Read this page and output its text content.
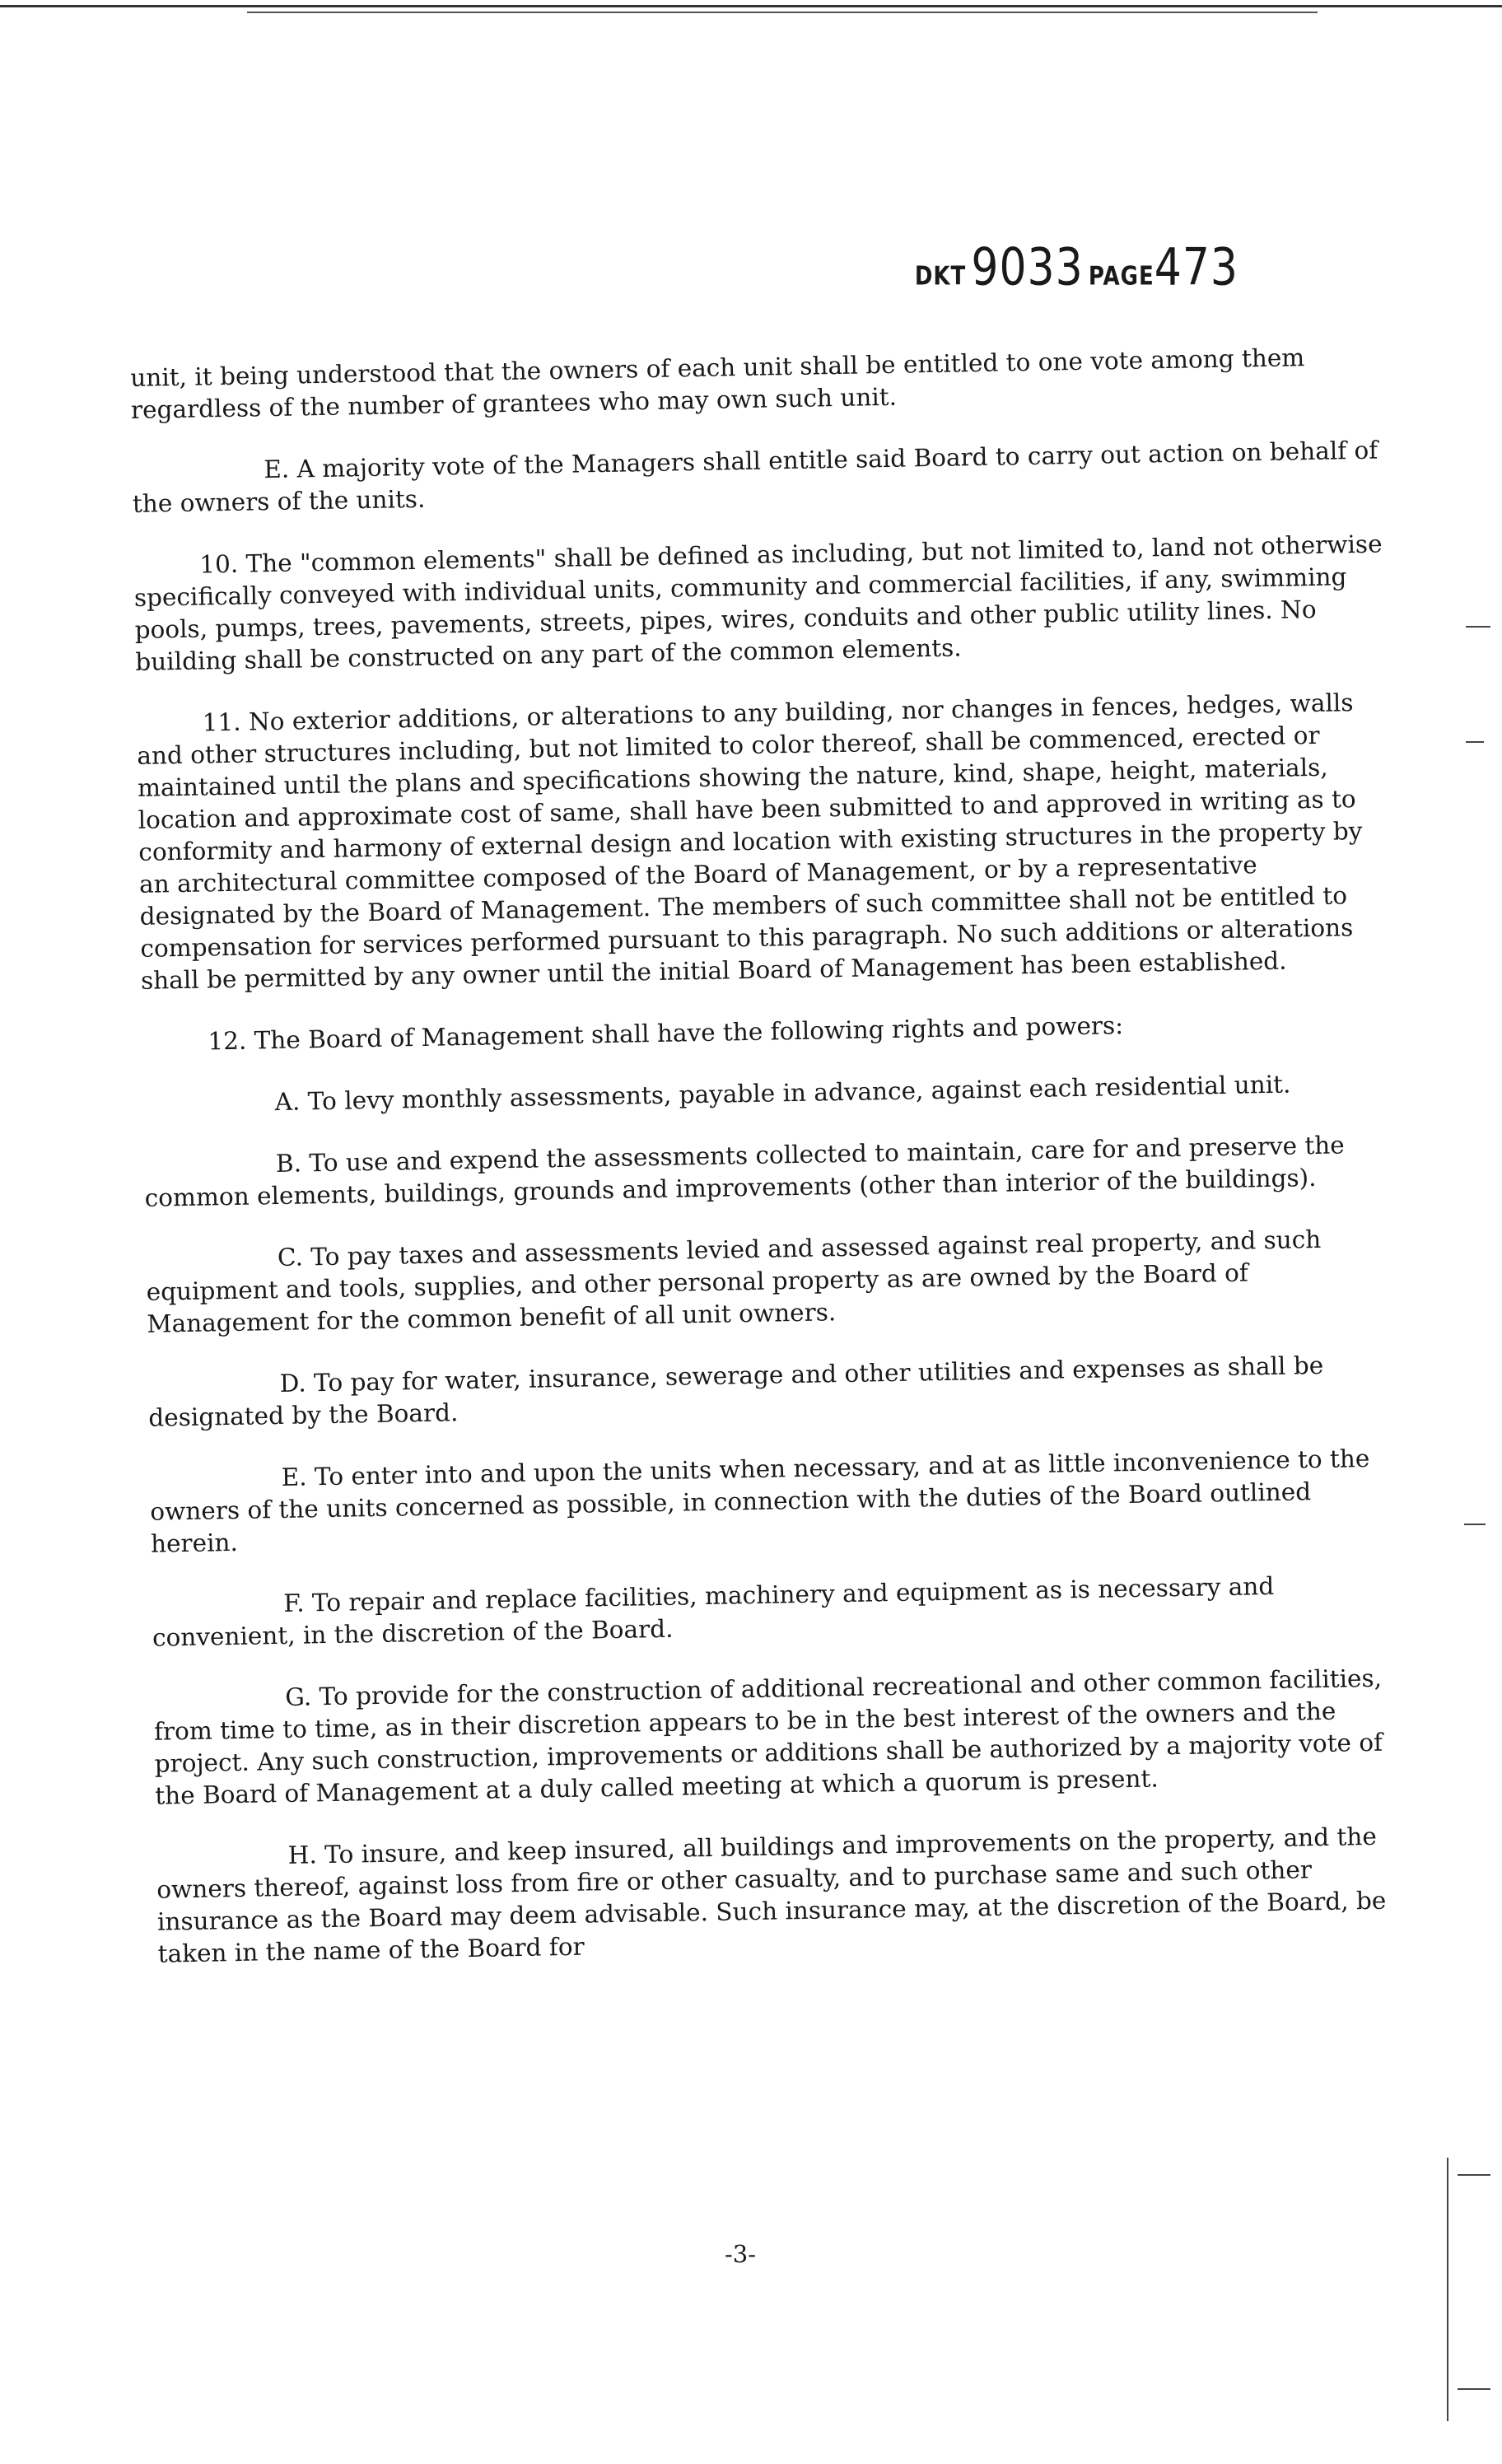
DKT 9033 PAGE473

unit, it being understood that the owners of each unit shall be entitled to one vote among them regardless of the number of grantees who may own such unit.

E. A majority vote of the Managers shall entitle said Board to carry out action on behalf of the owners of the units.

10. The "common elements" shall be defined as including, but not limited to, land not otherwise specifically conveyed with individual units, community and commercial facilities, if any, swimming pools, pumps, trees, pavements, streets, pipes, wires, conduits and other public utility lines. No building shall be constructed on any part of the common elements.

11. No exterior additions, or alterations to any building, nor changes in fences, hedges, walls and other structures including, but not limited to color thereof, shall be commenced, erected or maintained until the plans and specifications showing the nature, kind, shape, height, materials, location and approximate cost of same, shall have been submitted to and approved in writing as to conformity and harmony of external design and location with existing structures in the property by an architectural committee composed of the Board of Management, or by a representative designated by the Board of Management. The members of such committee shall not be entitled to compensation for services performed pursuant to this paragraph. No such additions or alterations shall be permitted by any owner until the initial Board of Management has been established.

12. The Board of Management shall have the following rights and powers:

A. To levy monthly assessments, payable in advance, against each residential unit.

B. To use and expend the assessments collected to maintain, care for and preserve the common elements, buildings, grounds and improvements (other than interior of the buildings).

C. To pay taxes and assessments levied and assessed against real property, and such equipment and tools, supplies, and other personal property as are owned by the Board of Management for the common benefit of all unit owners.

D. To pay for water, insurance, sewerage and other utilities and expenses as shall be designated by the Board.

E. To enter into and upon the units when necessary, and at as little inconvenience to the owners of the units concerned as possible, in connection with the duties of the Board outlined herein.

F. To repair and replace facilities, machinery and equipment as is necessary and convenient, in the discretion of the Board.

G. To provide for the construction of additional recreational and other common facilities, from time to time, as in their discretion appears to be in the best interest of the owners and the project. Any such construction, improvements or additions shall be authorized by a majority vote of the Board of Management at a duly called meeting at which a quorum is present.

H. To insure, and keep insured, all buildings and improvements on the property, and the owners thereof, against loss from fire or other casualty, and to purchase same and such other insurance as the Board may deem advisable. Such insurance may, at the discretion of the Board, be taken in the name of the Board for

-3-
